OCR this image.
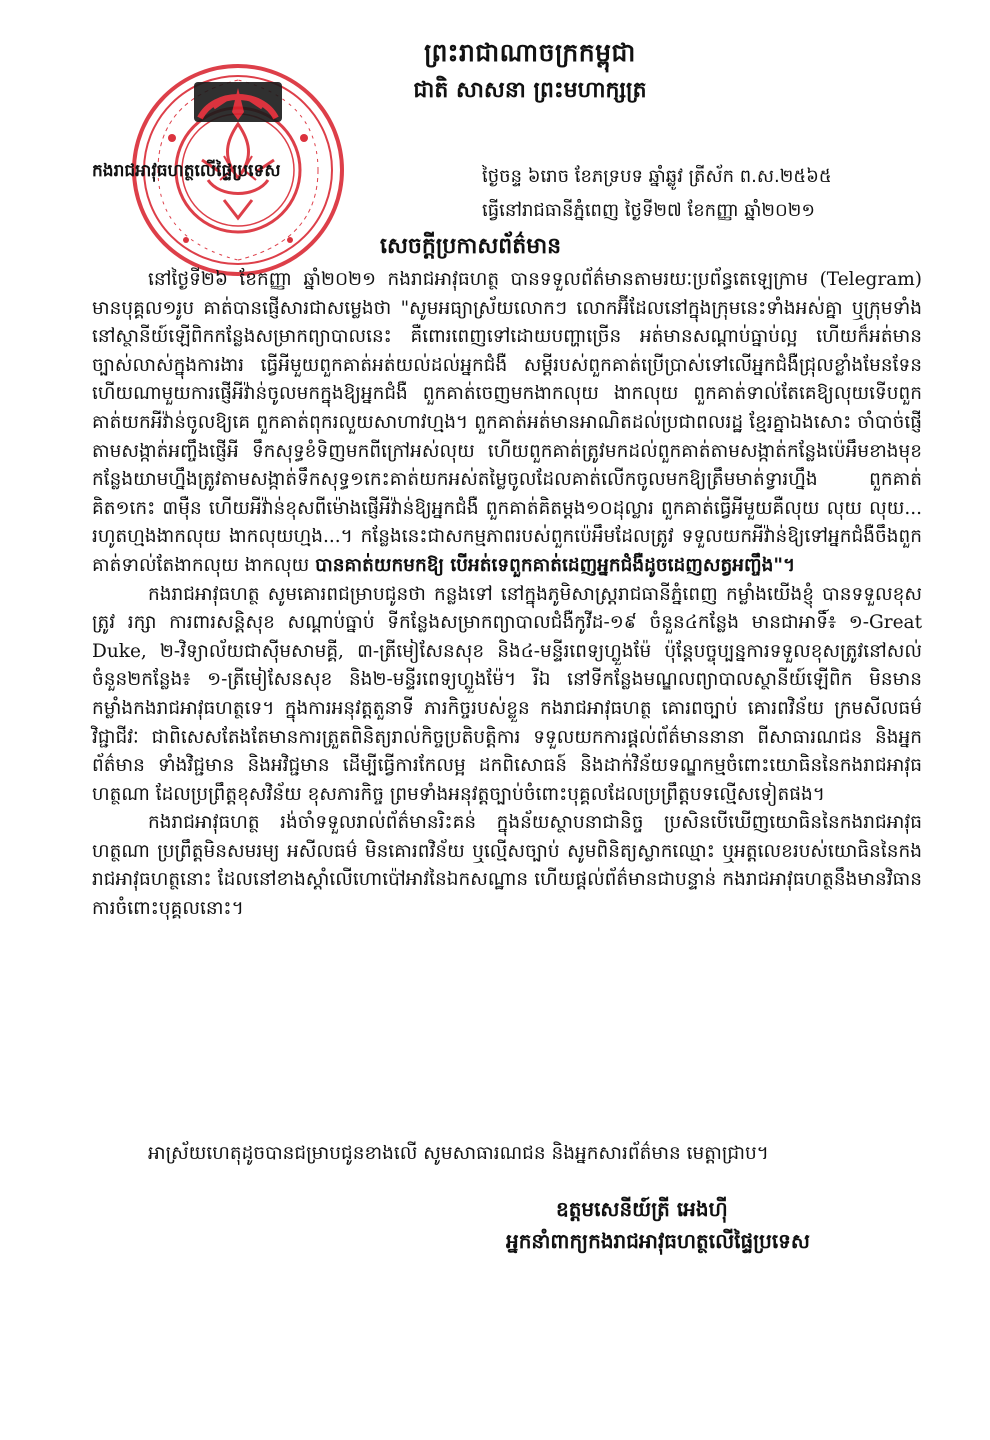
ព្រះរាជាណាចក្រកម្ពុជា
ជាតិ សាសនា ព្រះមហាក្សត្រ
កងរាជអាវុធហត្ថលើផ្ទៃប្រទេស	ថ្ងៃចន្ទ ៦រោច ខែភទ្របទ ឆ្នាំឆ្លូវ ត្រីស័ក ព.ស.២៥៦៥
ធ្វើនៅរាជធានីភ្នំពេញ ថ្ងៃទី២៧ ខែកញ្ញា ឆ្នាំ២០២១
សេចក្តីប្រកាសព័ត៌មាន

នៅថ្ងៃទី២៦ ខែកញ្ញា ឆ្នាំ២០២១ កងរាជអាវុធហត្ថ បានទទួលព័ត៌មានតាមរយៈប្រព័ន្ធតេឡេក្រាម (Telegram) មានបុគ្គល១រូប គាត់បានផ្ញើសារជាសម្លេងថា "សូមអធ្យាស្រ័យលោកៗ លោកអ៊ីដែលនៅក្នុងក្រុមនេះទាំងអស់គ្នា ឬក្រុមទាំងនៅស្ថានីយ៍ឡើពិកកន្លែងសម្រាកព្យាបាលនេះ គឺពោរពេញទៅដោយបញ្ហាច្រើន អត់មានសណ្តាប់ធ្នាប់ល្អ ហើយក៏អត់មានច្បាស់លាស់ក្នុងការងារ ធ្វើអីមួយពួកគាត់អត់យល់ដល់អ្នកជំងឺ សម្តីរបស់ពួកគាត់ប្រើប្រាស់ទៅលើអ្នកជំងឺជ្រុលខ្លាំងមែនទែនហើយណាមួយការផ្ញើអីវ៉ាន់ចូលមកក្នុងឱ្យអ្នកជំងឺ ពួកគាត់ចេញមកងាកលុយ ងាកលុយ ពួកគាត់ទាល់តែគេឱ្យលុយទើបពួកគាត់យកអីវ៉ាន់ចូលឱ្យគេ ពួកគាត់ពុករលួយសាហាវហ្មង។ ពួកគាត់អត់មានអាណិតដល់ប្រជាពលរដ្ឋ ខ្មែរគ្នាឯងសោះ ចាំបាច់ផ្ញើតាមសង្កាត់អញ្ចឹងផ្ញើអី ទឹកសុទ្ធខំទិញមកពីក្រៅអស់លុយ ហើយពួកគាត់ត្រូវមកដល់ពួកគាត់តាមសង្កាត់កន្លែងប៉េអឹមខាងមុខកន្លែងយាមហ្នឹងត្រូវតាមសង្កាត់ទឹកសុទ្ធ១កេះគាត់យកអស់តម្លៃចូលដែលគាត់លើកចូលមកឱ្យត្រឹមមាត់ទ្វារហ្នឹង ពួកគាត់គិត១កេះ ៣ម៉ឺន ហើយអីវ៉ាន់ខុសពីម៉ោងផ្ញើអីវ៉ាន់ឱ្យអ្នកជំងឺ ពួកគាត់គិតម្តង១០ដុល្លារ ពួកគាត់ធ្វើអីមួយគឺលុយ លុយ លុយ... រហូតហ្មងងាកលុយ ងាកលុយហ្មង...។ កន្លែងនេះជាសកម្មភាពរបស់ពួកប៉េអឹមដែលត្រូវ ទទួលយកអីវ៉ាន់ឱ្យទៅអ្នកជំងឺចឹងពួកគាត់ទាល់តែងាកលុយ ងាកលុយ បានគាត់យកមកឱ្យ បើអត់ទេពួកគាត់ដេញអ្នកជំងឺដូចដេញសត្វអញ្ចឹង"។

កងរាជអាវុធហត្ថ សូមគោរពជម្រាបជូនថា កន្លងទៅ នៅក្នុងភូមិសាស្ត្ររាជធានីភ្នំពេញ កម្លាំងយើងខ្ញុំ បានទទួលខុសត្រូវ រក្សា ការពារសន្តិសុខ សណ្តាប់ធ្នាប់ ទីកន្លែងសម្រាកព្យាបាលជំងឺកូវីដ-១៩ ចំនួន៤កន្លែង មានជាអាទិ៍៖ ១-Great Duke, ២-វិទ្យាល័យជាស៊ីមសាមគ្គី, ៣-ត្រីមៀសែនសុខ និង៤-មន្ទីរពេទ្យហ្លួងម៉ែ ប៉ុន្តែបច្ចុប្បន្នការទទួលខុសត្រូវនៅសល់ចំនួន២កន្លែង៖ ១-ត្រីមៀសែនសុខ និង២-មន្ទីរពេទ្យហ្លួងម៉ែ។ រីឯ នៅទីកន្លែងមណ្ឌលព្យាបាលស្ថានីយ៍ឡើពិក មិនមានកម្លាំងកងរាជអាវុធហត្ថទេ។ ក្នុងការអនុវត្តតួនាទី ភារកិច្ចរបស់ខ្លួន កងរាជអាវុធហត្ថ គោរពច្បាប់ គោរពវិន័យ ក្រមសីលធម៌ វិជ្ជាជីវៈ ជាពិសេសតែងតែមានការត្រួតពិនិត្យរាល់កិច្ចប្រតិបត្តិការ ទទួលយកការផ្តល់ព័ត៌មាននានា ពីសាធារណជន និងអ្នកព័ត៌មាន ទាំងវិជ្ជមាន និងអវិជ្ជមាន ដើម្បីធ្វើការកែលម្អ ដកពិសោធន៍ និងដាក់វិន័យទណ្ឌកម្មចំពោះយោធិននៃកងរាជអាវុធហត្ថណា ដែលប្រព្រឹត្តខុសវិន័យ ខុសភារកិច្ច ព្រមទាំងអនុវត្តច្បាប់ចំពោះបុគ្គលដែលប្រព្រឹត្តបទល្មើសទៀតផង។

កងរាជអាវុធហត្ថ រង់ចាំទទួលរាល់ព័ត៌មានរិះគន់ ក្នុងន័យស្ថាបនាជានិច្ច ប្រសិនបើឃើញយោធិននៃកងរាជអាវុធហត្ថណា ប្រព្រឹត្តមិនសមរម្យ អសីលធម៌ មិនគោរពវិន័យ ឬល្មើសច្បាប់ សូមពិនិត្យស្លាកឈ្មោះ ឬអត្តលេខរបស់យោធិននៃកងរាជអាវុធហត្ថនោះ ដែលនៅខាងស្តាំលើហោប៉ៅអាវនៃឯកសណ្ឋាន ហើយផ្តល់ព័ត៌មានជាបន្ទាន់ កងរាជអាវុធហត្ថនឹងមានវិធានការចំពោះបុគ្គលនោះ។

អាស្រ័យហេតុដូចបានជម្រាបជូនខាងលើ សូមសាធារណជន និងអ្នកសារព័ត៌មាន មេត្តាជ្រាប។
ឧត្តមសេនីយ៍ត្រី អេងហ៊ី
អ្នកនាំពាក្យកងរាជអាវុធហត្ថលើផ្ទៃប្រទេស
